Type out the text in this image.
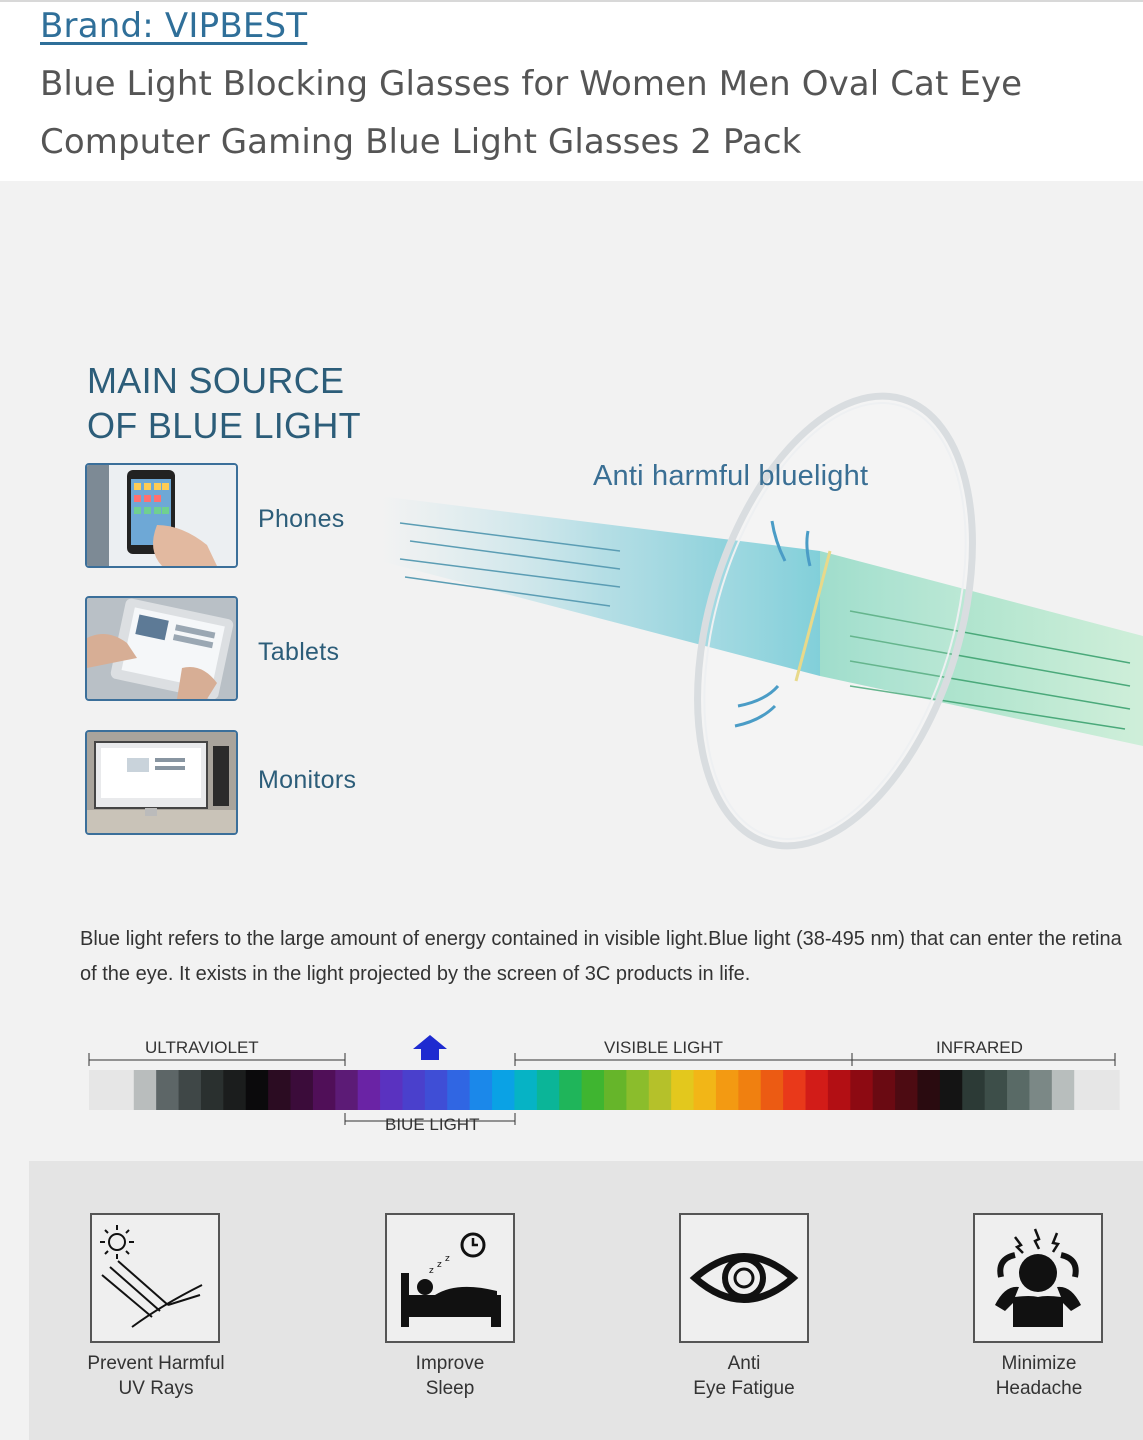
Brand: VIPBEST
Blue Light Blocking Glasses for Women Men Oval Cat Eye
Computer Gaming Blue Light Glasses 2 Pack
MAIN SOURCE
OF BLUE LIGHT
Phones
Tablets
Monitors
Anti harmful bluelight
Blue light refers to the large amount of energy contained in visible light.Blue light (38-495 nm) that can enter the retina of the eye. It exists in the light projected by the screen of 3C products in life.
ULTRAVIOLET	VISIBLE LIGHT	INFRARED
BIUE LIGHT
Prevent Harmful
UV Rays
z
z
z
Improve
Sleep
Anti
Eye Fatigue
Minimize
Headache
